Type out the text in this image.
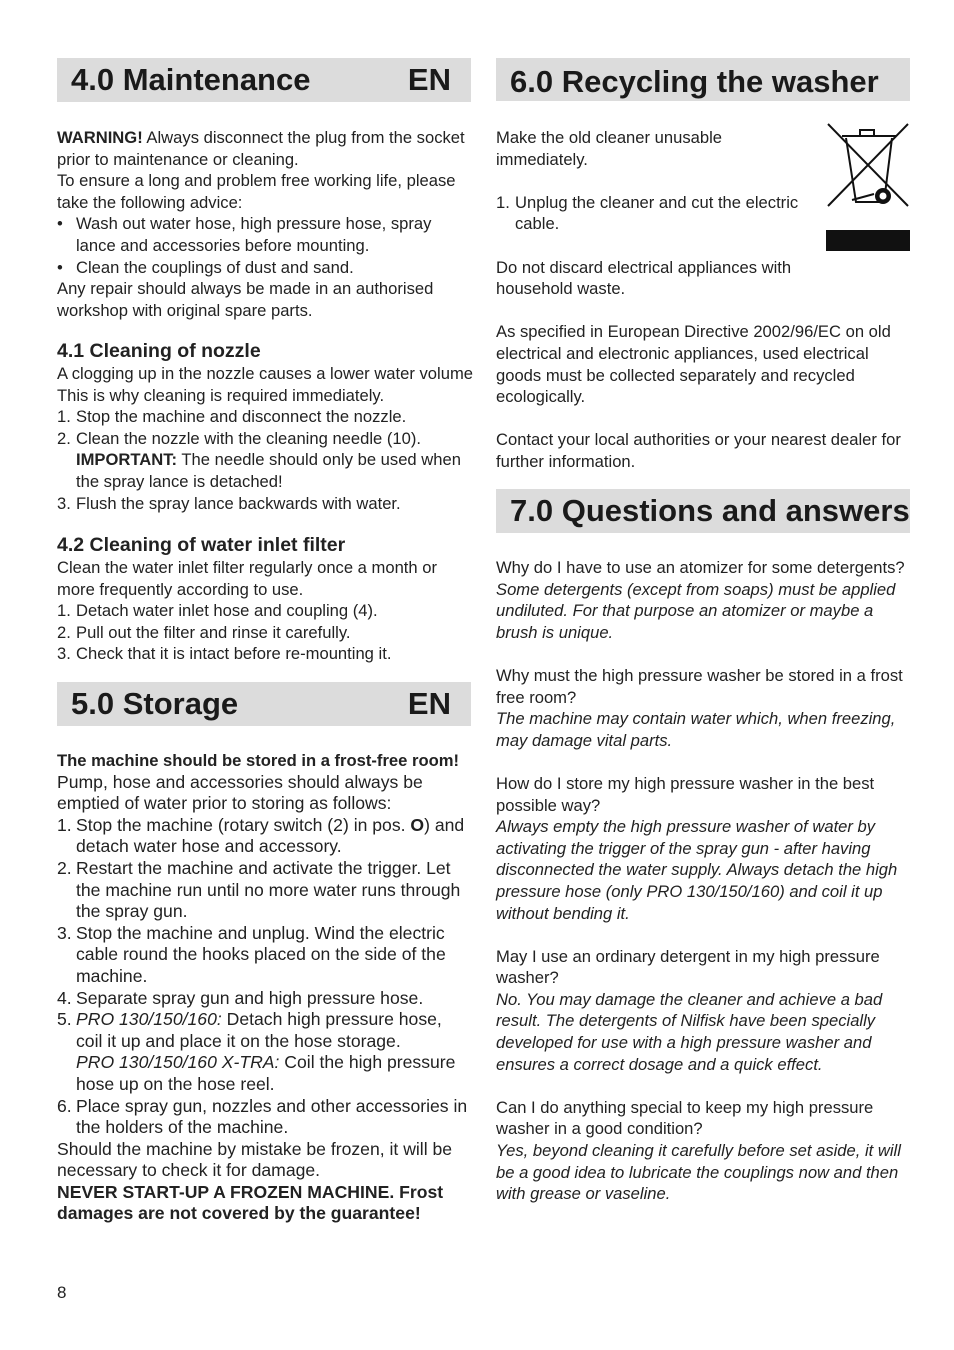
4.0 Maintenance	EN

WARNING! Always disconnect the plug from the socket prior to maintenance or cleaning.

To ensure a long and problem free working life, please take the following advice:

• Wash out water hose, high pressure hose, spray lance and accessories before mounting.
• Clean the couplings of dust and sand.

Any repair should always be made in an authorised workshop with original spare parts.

4.1 Cleaning of nozzle

A clogging up in the nozzle causes a lower water volume This is why cleaning is required immediately.

1. Stop the machine and disconnect the nozzle.
2. Clean the nozzle with the cleaning needle (10).
IMPORTANT: The needle should only be used when the spray lance is detached!
3. Flush the spray lance backwards with water.

4.2 Cleaning of water inlet filter

Clean the water inlet filter regularly once a month or more frequently according to use.

1. Detach water inlet hose and coupling (4).
2. Pull out the filter and rinse it carefully.
3. Check that it is intact before re-mounting it.
5.0 Storage	EN

The machine should be stored in a frost-free room!

Pump, hose and accessories should always be emptied of water prior to storing as follows:

1. Stop the machine (rotary switch (2) in pos. O) and detach water hose and accessory.
2. Restart the machine and activate the trigger. Let the machine run until no more water runs through the spray gun.
3. Stop the machine and unplug. Wind the electric cable round the hooks placed on the side of the machine.
4. Separate spray gun and high pressure hose.
5. PRO 130/150/160: Detach high pressure hose, coil it up and place it on the hose storage.
PRO 130/150/160 X-TRA: Coil the high pressure hose up on the hose reel.
6. Place spray gun, nozzles and other accessories in the holders of the machine.

Should the machine by mistake be frozen, it will be necessary to check it for damage.

NEVER START-UP A FROZEN MACHINE. Frost damages are not covered by the guarantee!

8
6.0 Recycling the washer

Make the old cleaner unusable immediately.

1. Unplug the cleaner and cut the electric cable.

Do not discard electrical appliances with household waste.

As specified in European Directive 2002/96/EC on old electrical and electronic appliances, used electrical goods must be collected separately and recycled ecologically.

Contact your local authorities or your nearest dealer for further information.

7.0 Questions and answers

Why do I have to use an atomizer for some detergents?

Some detergents (except from soaps) must be applied undiluted. For that purpose an atomizer or maybe a brush is unique.

Why must the high pressure washer be stored in a frost free room?

The machine may contain water which, when freezing, may damage vital parts.

How do I store my high pressure washer in the best possible way?

Always empty the high pressure washer of water by activating the trigger of the spray gun - after having disconnected the water supply. Always detach the high pressure hose (only PRO 130/150/160) and coil it up without bending it.

May I use an ordinary detergent in my high pressure washer?

No. You may damage the cleaner and achieve a bad result. The detergents of Nilfisk have been specially developed for use with a high pressure washer and ensures a correct dosage and a quick effect.

Can I do anything special to keep my high pressure washer in a good condition?

Yes, beyond cleaning it carefully before set aside, it will be a good idea to lubricate the couplings now and then with grease or vaseline.
